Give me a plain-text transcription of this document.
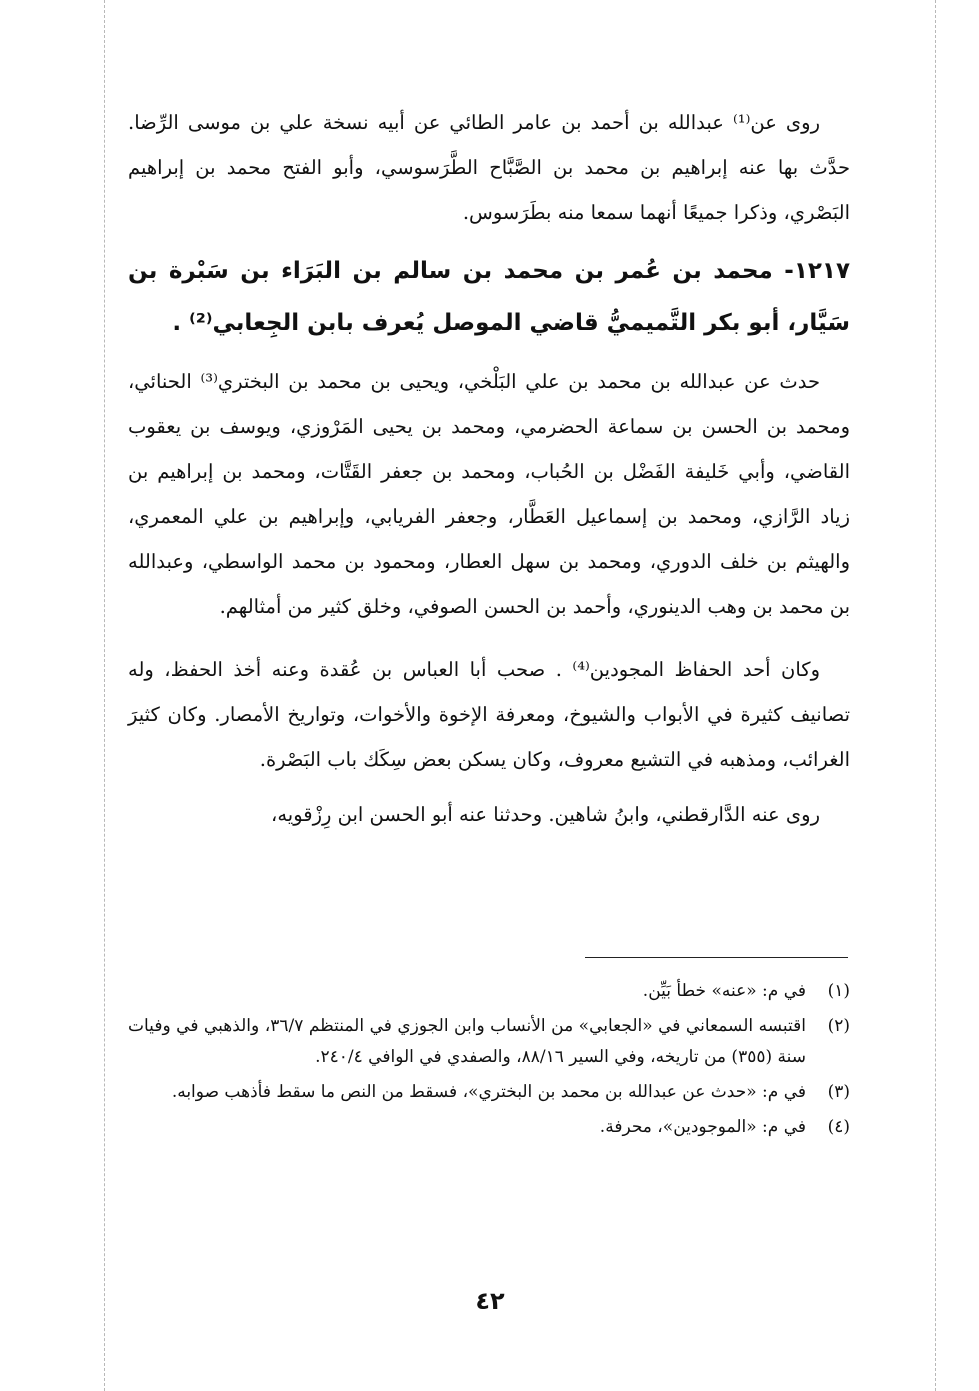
روى عن⁽¹⁾ عبدالله بن أحمد بن عامر الطائي عن أبيه نسخة علي بن موسى الرِّضا. حدَّث بها عنه إبراهيم بن محمد بن الصَّبَّاح الطَّرَسوسي، وأبو الفتح محمد بن إبراهيم البَصْري، وذكرا جميعًا أنهما سمعا منه بطَرَسوس.

١٢١٧- محمد بن عُمر بن محمد بن سالم بن البَرَاء بن سَبْرة بن سَيَّار، أبو بكر التَّميميُّ قاضي الموصل يُعرف بابن الجِعابي⁽²⁾ .

حدث عن عبدالله بن محمد بن علي البَلْخي، ويحيى بن محمد بن البختري⁽³⁾ الحنائي، ومحمد بن الحسن بن سماعة الحضرمي، ومحمد بن يحيى المَرْوزي، ويوسف بن يعقوب القاضي، وأبي خَليفة الفَضْل بن الحُباب، ومحمد بن جعفر القَتَّات، ومحمد بن إبراهيم بن زياد الرَّازي، ومحمد بن إسماعيل العَطَّار، وجعفر الفريابي، وإبراهيم بن علي المعمري، والهيثم بن خلف الدوري، ومحمد بن سهل العطار، ومحمود بن محمد الواسطي، وعبدالله بن محمد بن وهب الدينوري، وأحمد بن الحسن الصوفي، وخلق كثير من أمثالهم.

وكان أحد الحفاظ المجودين⁽⁴⁾ . صحب أبا العباس بن عُقدة وعنه أخذ الحفظ، وله تصانيف كثيرة في الأبواب والشيوخ، ومعرفة الإخوة والأخوات، وتواريخ الأمصار. وكان كثيرَ الغرائب، ومذهبه في التشيع معروف، وكان يسكن بعض سِكَك باب البَصْرة.

روى عنه الدَّارقطني، وابنُ شاهين. وحدثنا عنه أبو الحسن ابن رِزْقويه،

(١)
في م: «عنه» خطأ بَيِّن.
(٢)
اقتبسه السمعاني في «الجعابي» من الأنساب وابن الجوزي في المنتظم ٣٦/٧، والذهبي في وفيات سنة (٣٥٥) من تاريخه، وفي السير ٨٨/١٦، والصفدي في الوافي ٢٤٠/٤.
(٣)
في م: «حدث عن عبدالله بن محمد بن البختري»، فسقط من النص ما سقط فأذهب صوابه.
(٤)
في م: «الموجودين»، محرفة.
٤٢
